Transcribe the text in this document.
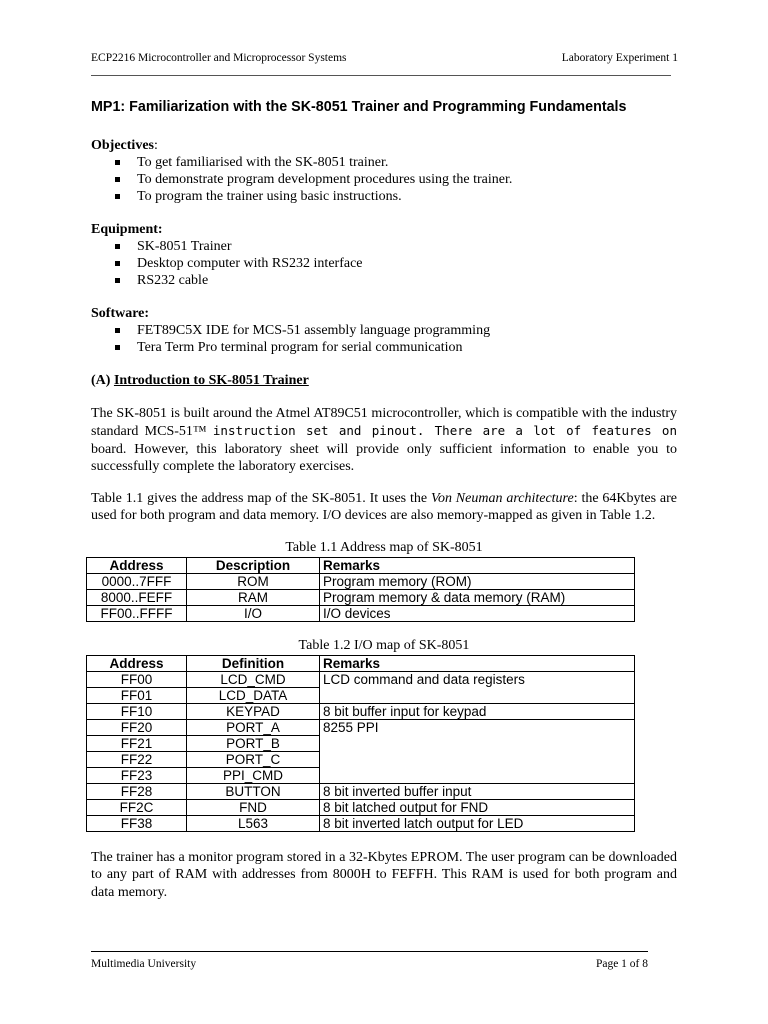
ECP2216 Microcontroller and Microprocessor Systems	Laboratory Experiment 1
MP1: Familiarization with the SK-8051 Trainer and Programming Fundamentals
Objectives:
To get familiarised with the SK-8051 trainer.
To demonstrate program development procedures using the trainer.
To program the trainer using basic instructions.
Equipment:
SK-8051 Trainer
Desktop computer with RS232 interface
RS232 cable
Software:
FET89C5X IDE for MCS-51 assembly language programming
Tera Term Pro terminal program for serial communication
(A) Introduction to SK-8051 Trainer
The SK-8051 is built around the Atmel AT89C51 microcontroller, which is compatible with the industry standard MCS-51™ instruction set and pinout. There are a lot of features on board. However, this laboratory sheet will provide only sufficient information to enable you to successfully complete the laboratory exercises.
Table 1.1 gives the address map of the SK-8051. It uses the Von Neuman architecture: the 64Kbytes are used for both program and data memory. I/O devices are also memory-mapped as given in Table 1.2.
Table 1.1 Address map of SK-8051
Address	Description	Remarks
0000..7FFF	ROM	Program memory (ROM)
8000..FEFF	RAM	Program memory & data memory (RAM)
FF00..FFFF	I/O	I/O devices
Table 1.2 I/O map of SK-8051
Address	Definition	Remarks
FF00	LCD_CMD	LCD command and data registers
FF01	LCD_DATA	
FF10	KEYPAD	8 bit buffer input for keypad
FF20	PORT_A	8255 PPI
FF21	PORT_B	
FF22	PORT_C	
FF23	PPI_CMD	
FF28	BUTTON	8 bit inverted buffer input
FF2C	FND	8 bit latched output for FND
FF38	L563	8 bit inverted latch output for LED
The trainer has a monitor program stored in a 32-Kbytes EPROM. The user program can be downloaded to any part of RAM with addresses from 8000H to FEFFH. This RAM is used for both program and data memory.
Multimedia University	Page 1 of 8
